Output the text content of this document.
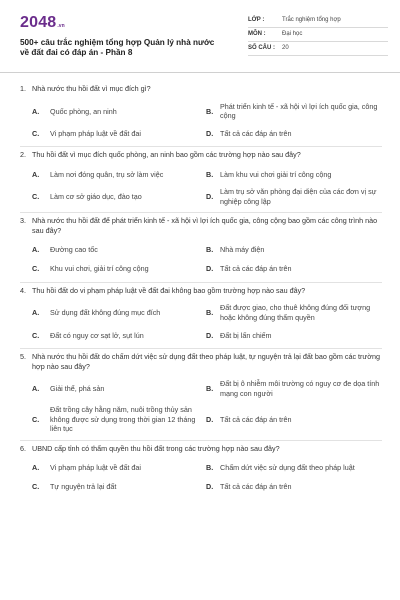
2048 .vn
500+ câu trắc nghiệm tổng hợp Quản lý nhà nước về đất đai có đáp án - Phần 8
LỚP :	Trắc nghiệm tổng hợp
MÔN :	Đại học
SỐ CÂU :	20
1. Nhà nước thu hồi đất vì mục đích gì?
A.	Quốc phòng, an ninh	B.
Phát triển kinh tế - xã hội vì lợi ích quốc gia, công cộng
C.	Vi phạm pháp luật về đất đai	D. Tất cả các đáp án trên
2. Thu hồi đất vì mục đích quốc phòng, an ninh bao gồm các trường hợp nào sau đây?
A.	Làm nơi đóng quân, trụ sở làm việc	B. Làm khu vui chơi giải trí công cộng
C.	Làm cơ sở giáo dục, đào tạo	D.
Làm trụ sở văn phòng đại diện của các đơn vị sự nghiệp công lập
3. Nhà nước thu hồi đất để phát triển kinh tế - xã hội vì lợi ích quốc gia, công cộng bao gồm các công trình nào sau đây?
A.	Đường cao tốc	B. Nhà máy điện
C.	Khu vui chơi, giải trí công cộng	D. Tất cả các đáp án trên
4. Thu hồi đất do vi phạm pháp luật về đất đai không bao gồm trường hợp nào sau đây?
A.	Sử dụng đất không đúng mục đích	B.
Đất được giao, cho thuê không đúng đối tượng hoặc không đúng thẩm quyền
C.	Đất có nguy cơ sạt lở, sụt lún	D. Đất bị lấn chiếm
5. Nhà nước thu hồi đất do chấm dứt việc sử dụng đất theo pháp luật, tự nguyện trả lại đất bao gồm các trường hợp nào sau đây?
A.	Giải thể, phá sản	B.
Đất bị ô nhiễm môi trường có nguy cơ đe dọa tính mạng con người
C.
Đất trồng cây hằng năm, nuôi trồng thủy sản không được sử dụng trong thời gian 12 tháng liên tục
D. Tất cả các đáp án trên
6. UBND cấp tỉnh có thẩm quyền thu hồi đất trong các trường hợp nào sau đây?
A.	Vi phạm pháp luật về đất đai	B. Chấm dứt việc sử dụng đất theo pháp luật
C.	Tự nguyện trả lại đất	D. Tất cả các đáp án trên
